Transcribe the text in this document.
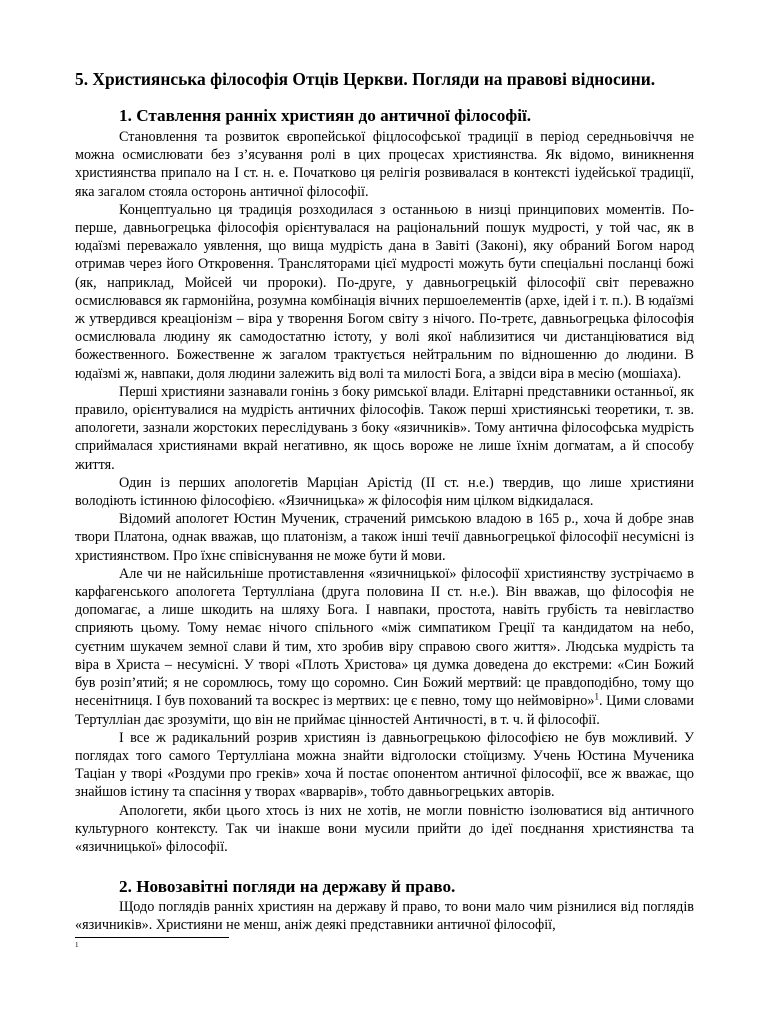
5. Християнська філософія Отців Церкви. Погляди на правові відносини.
1. Ставлення ранніх християн до античної філософії.

Становлення та розвиток європейської фіцлософської традиції в період середньовіччя не можна осмислювати без з’ясування ролі в цих процесах християнства. Як відомо, виникнення християнства припало на І ст. н. е. Початково ця релігія розвивалася в контексті іудейської традиції, яка загалом стояла осторонь античної філософії.

Концептуально ця традиція розходилася з останньою в низці принципових моментів. По-перше, давньогрецька філософія орієнтувалася на раціональний пошук мудрості, у той час, як в юдаїзмі переважало уявлення, що вища мудрість дана в Завіті (Законі), яку обраний Богом народ отримав через його Откровення. Трансляторами цієї мудрості можуть бути спеціальні посланці божі (як, наприклад, Мойсей чи пророки). По-друге, у давньогрецькій філософії світ переважно осмислювався як гармонійна, розумна комбінація вічних першоелементів (архе, ідей і т. п.). В юдаїзмі ж утвердився креаціонізм – віра у творення Богом світу з нічого. По-третє, давньогрецька філософія осмислювала людину як самодостатню істоту, у волі якої наблизитися чи дистанціюватися від божественного. Божественне ж загалом трактується нейтральним по відношенню до людини. В юдаїзмі ж, навпаки, доля людини залежить від волі та милості Бога, а звідси віра в месію (мошіаха).

Перші християни зазнавали гонінь з боку римської влади. Елітарні представники останньої, як правило, орієнтувалися на мудрість античних філософів. Також перші християнські теоретики, т. зв. апологети, зазнали жорстоких переслідувань з боку «язичників». Тому антична філософська мудрість сприймалася християнами вкрай негативно, як щось вороже не лише їхнім догматам, а й способу життя.

Один із перших апологетів Марціан Арістід (ІІ ст. н.е.) твердив, що лише християни володіють істинною філософією. «Язичницька» ж філософія ним цілком відкидалася.

Відомий апологет Юстин Мученик, страчений римською владою в 165 р., хоча й добре знав твори Платона, однак вважав, що платонізм, а також інші течії давньогрецької філософії несумісні із християнством. Про їхнє співіснування не може бути й мови.

Але чи не найсильніше протиставлення «язичницької» філософії християнству зустрічаємо в карфагенського апологета Тертулліана (друга половина ІІ ст. н.е.). Він вважав, що філософія не допомагає, а лише шкодить на шляху Бога. І навпаки, простота, навіть грубість та невігластво сприяють цьому. Тому немає нічого спільного «між симпатиком Греції та кандидатом на небо, суєтним шукачем земної слави й тим, хто зробив віру справою свого життя». Людська мудрість та віра в Христа – несумісні. У творі «Плоть Христова» ця думка доведена до екстреми: «Син Божий був розіп’ятий; я не соромлюсь, тому що соромно. Син Божий мертвий: це правдоподібно, тому що несенітниця. І був похований та воскрес із мертвих: це є певно, тому що неймовірно»$^1$. Цими словами Тертуллiан дає зрозуміти, що він не приймає цінностей Античності, в т. ч. й філософії.

І все ж радикальний розрив християн із давньогрецькою філософією не був можливий. У поглядах того самого Тертулліана можна знайти відголоски стоїцизму. Учень Юстина Мученика Таціан у творі «Роздуми про греків» хоча й постає опонентом античної філософії, все ж вважає, що знайшов істину та спасіння у творах «варварів», тобто давньогрецьких авторів.

Апологети, якби цього хтось із них не хотів, не могли повністю ізолюватися від античного культурного контексту. Так чи інакше вони мусили прийти до ідеї поєднання християнства та «язичницької» філософії.

2. Новозавітні погляди на державу й право.

Щодо поглядів ранніх християн на державу й право, то вони мало чим різнилися від поглядів «язичників». Християни не менш, аніж деякі представники античної філософії,

1
